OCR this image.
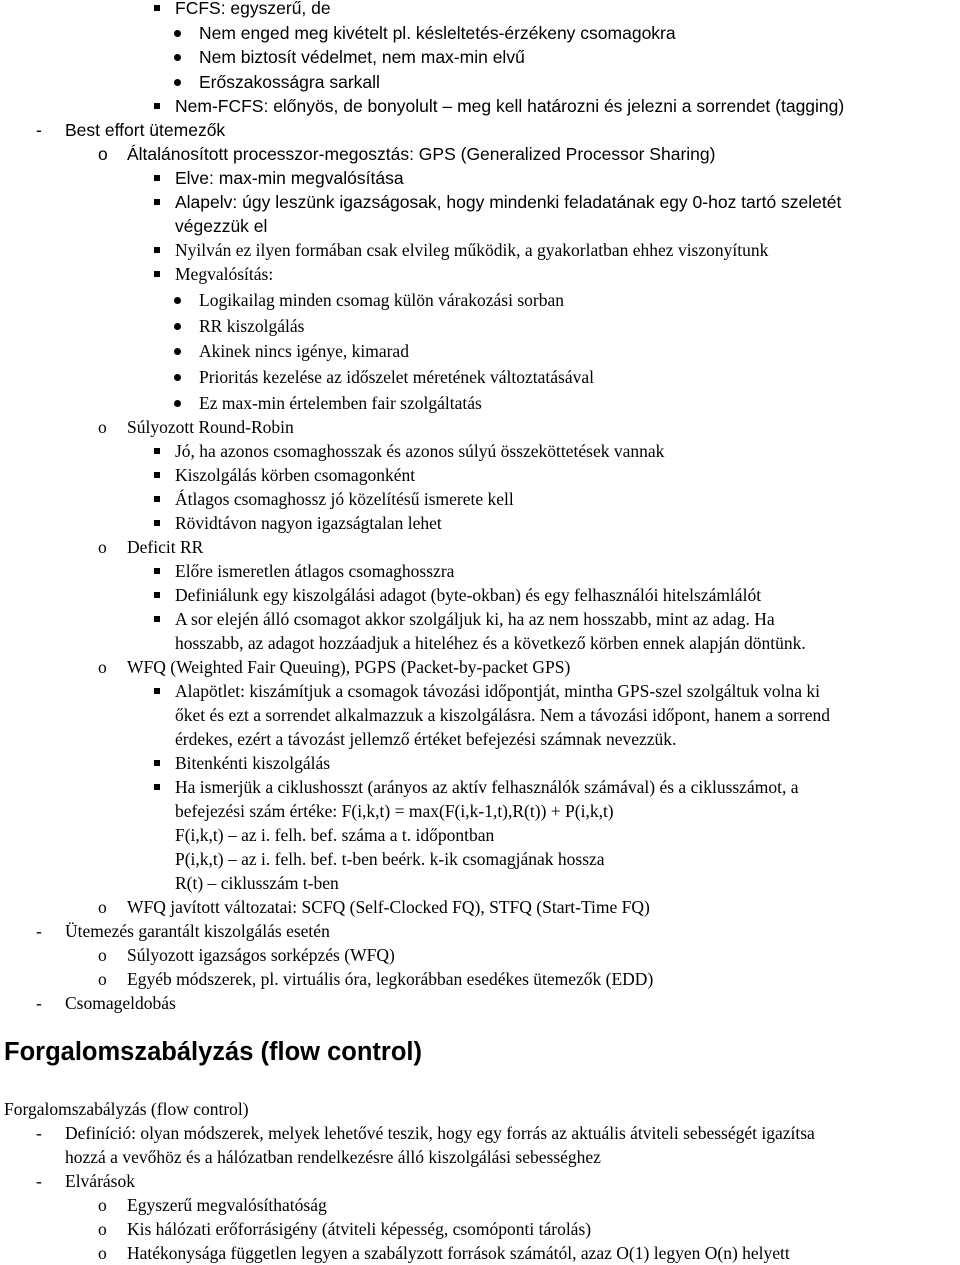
Forgalomszabályzás (flow control)
FCFS: egyszerű, de
Nem enged meg kivételt pl. késleltetés-érzékeny csomagokra
Nem biztosít védelmet, nem max-min elvű
Erőszakosságra sarkall
Nem-FCFS: előnyös, de bonyolult – meg kell határozni és jelezni a sorrendet (tagging)
- Best effort ütemezők
o Általánosított processzor-megosztás: GPS (Generalized Processor Sharing)
Elve: max-min megvalósítása
Alapelv: úgy leszünk igazságosak, hogy mindenki feladatának egy 0-hoz tartó szeletét
végezzük el
Nyilván ez ilyen formában csak elvileg működik, a gyakorlatban ehhez viszonyítunk
Megvalósítás:
Logikailag minden csomag külön várakozási sorban
RR kiszolgálás
Akinek nincs igénye, kimarad
Prioritás kezelése az időszelet méretének változtatásával
Ez max-min értelemben fair szolgáltatás
o Súlyozott Round-Robin
Jó, ha azonos csomaghosszak és azonos súlyú összeköttetések vannak
Kiszolgálás körben csomagonként
Átlagos csomaghossz jó közelítésű ismerete kell
Rövidtávon nagyon igazságtalan lehet
o Deficit RR
Előre ismeretlen átlagos csomaghosszra
Definiálunk egy kiszolgálási adagot (byte-okban) és egy felhasználói hitelszámlálót
A sor elején álló csomagot akkor szolgáljuk ki, ha az nem hosszabb, mint az adag. Ha
hosszabb, az adagot hozzáadjuk a hiteléhez és a következő körben ennek alapján döntünk.
o WFQ (Weighted Fair Queuing), PGPS (Packet-by-packet GPS)
Alapötlet: kiszámítjuk a csomagok távozási időpontját, mintha GPS-szel szolgáltuk volna ki
őket és ezt a sorrendet alkalmazzuk a kiszolgálásra. Nem a távozási időpont, hanem a sorrend
érdekes, ezért a távozást jellemző értéket befejezési számnak nevezzük.
Bitenkénti kiszolgálás
Ha ismerjük a ciklushosszt (arányos az aktív felhasználók számával) és a ciklusszámot, a
befejezési szám értéke: F(i,k,t) = max(F(i,k-1,t),R(t)) + P(i,k,t)
F(i,k,t) – az i. felh. bef. száma a t. időpontban
P(i,k,t) – az i. felh. bef. t-ben beérk. k-ik csomagjának hossza
R(t) – ciklusszám t-ben
o WFQ javított változatai: SCFQ (Self-Clocked FQ), STFQ (Start-Time FQ)
- Ütemezés garantált kiszolgálás esetén
o Súlyozott igazságos sorképzés (WFQ)
o Egyéb módszerek, pl. virtuális óra, legkorábban esedékes ütemezők (EDD)
- Csomageldobás
Forgalomszabályzás (flow control)
- Definíció: olyan módszerek, melyek lehetővé teszik, hogy egy forrás az aktuális átviteli sebességét igazítsa
hozzá a vevőhöz és a hálózatban rendelkezésre álló kiszolgálási sebességhez
- Elvárások
o Egyszerű megvalósíthatóság
o Kis hálózati erőforrásigény (átviteli képesség, csomóponti tárolás)
o Hatékonysága független legyen a szabályzott források számától, azaz O(1) legyen O(n) helyett
